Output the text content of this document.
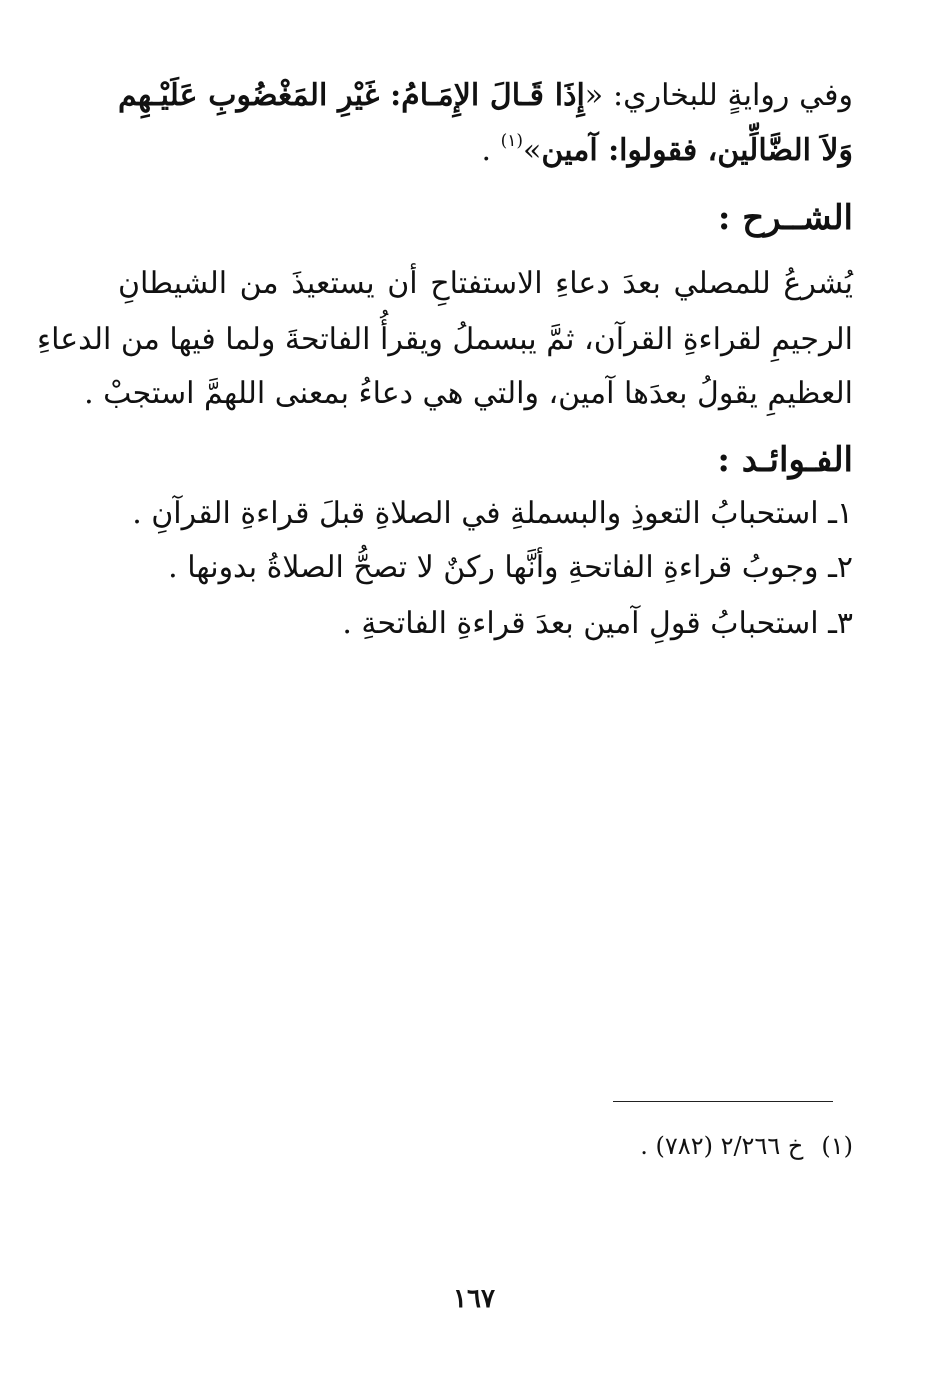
وفي روايةٍ للبخاري: «إِذَا قَـالَ الإِمَـامُ: غَيْرِ المَغْضُوبِ عَلَيْـهِم
وَلاَ الضَّالِّين، فقولوا: آمين»$^{(١)}$ .
الشــرح :
يُشرعُ للمصلي بعدَ دعاءِ الاستفتاحِ أن يستعيذَ من الشيطانِ
الرجيمِ لقراءةِ القرآن، ثمَّ يبسملُ ويقرأُ الفاتحةَ ولما فيها من الدعاءِ
العظيمِ يقولُ بعدَها آمين، والتي هي دعاءُ بمعنى اللهمَّ استجبْ .
الفـوائـد :
١ـ استحبابُ التعوذِ والبسملةِ في الصلاةِ قبلَ قراءةِ القرآنِ .
٢ـ وجوبُ قراءةِ الفاتحةِ وأنَّها ركنٌ لا تصحُّ الصلاةُ بدونها .
٣ـ استحبابُ قولِ آمين بعدَ قراءةِ الفاتحةِ .
(١)خ ٢/٢٦٦ (٧٨٢) .
١٦٧
